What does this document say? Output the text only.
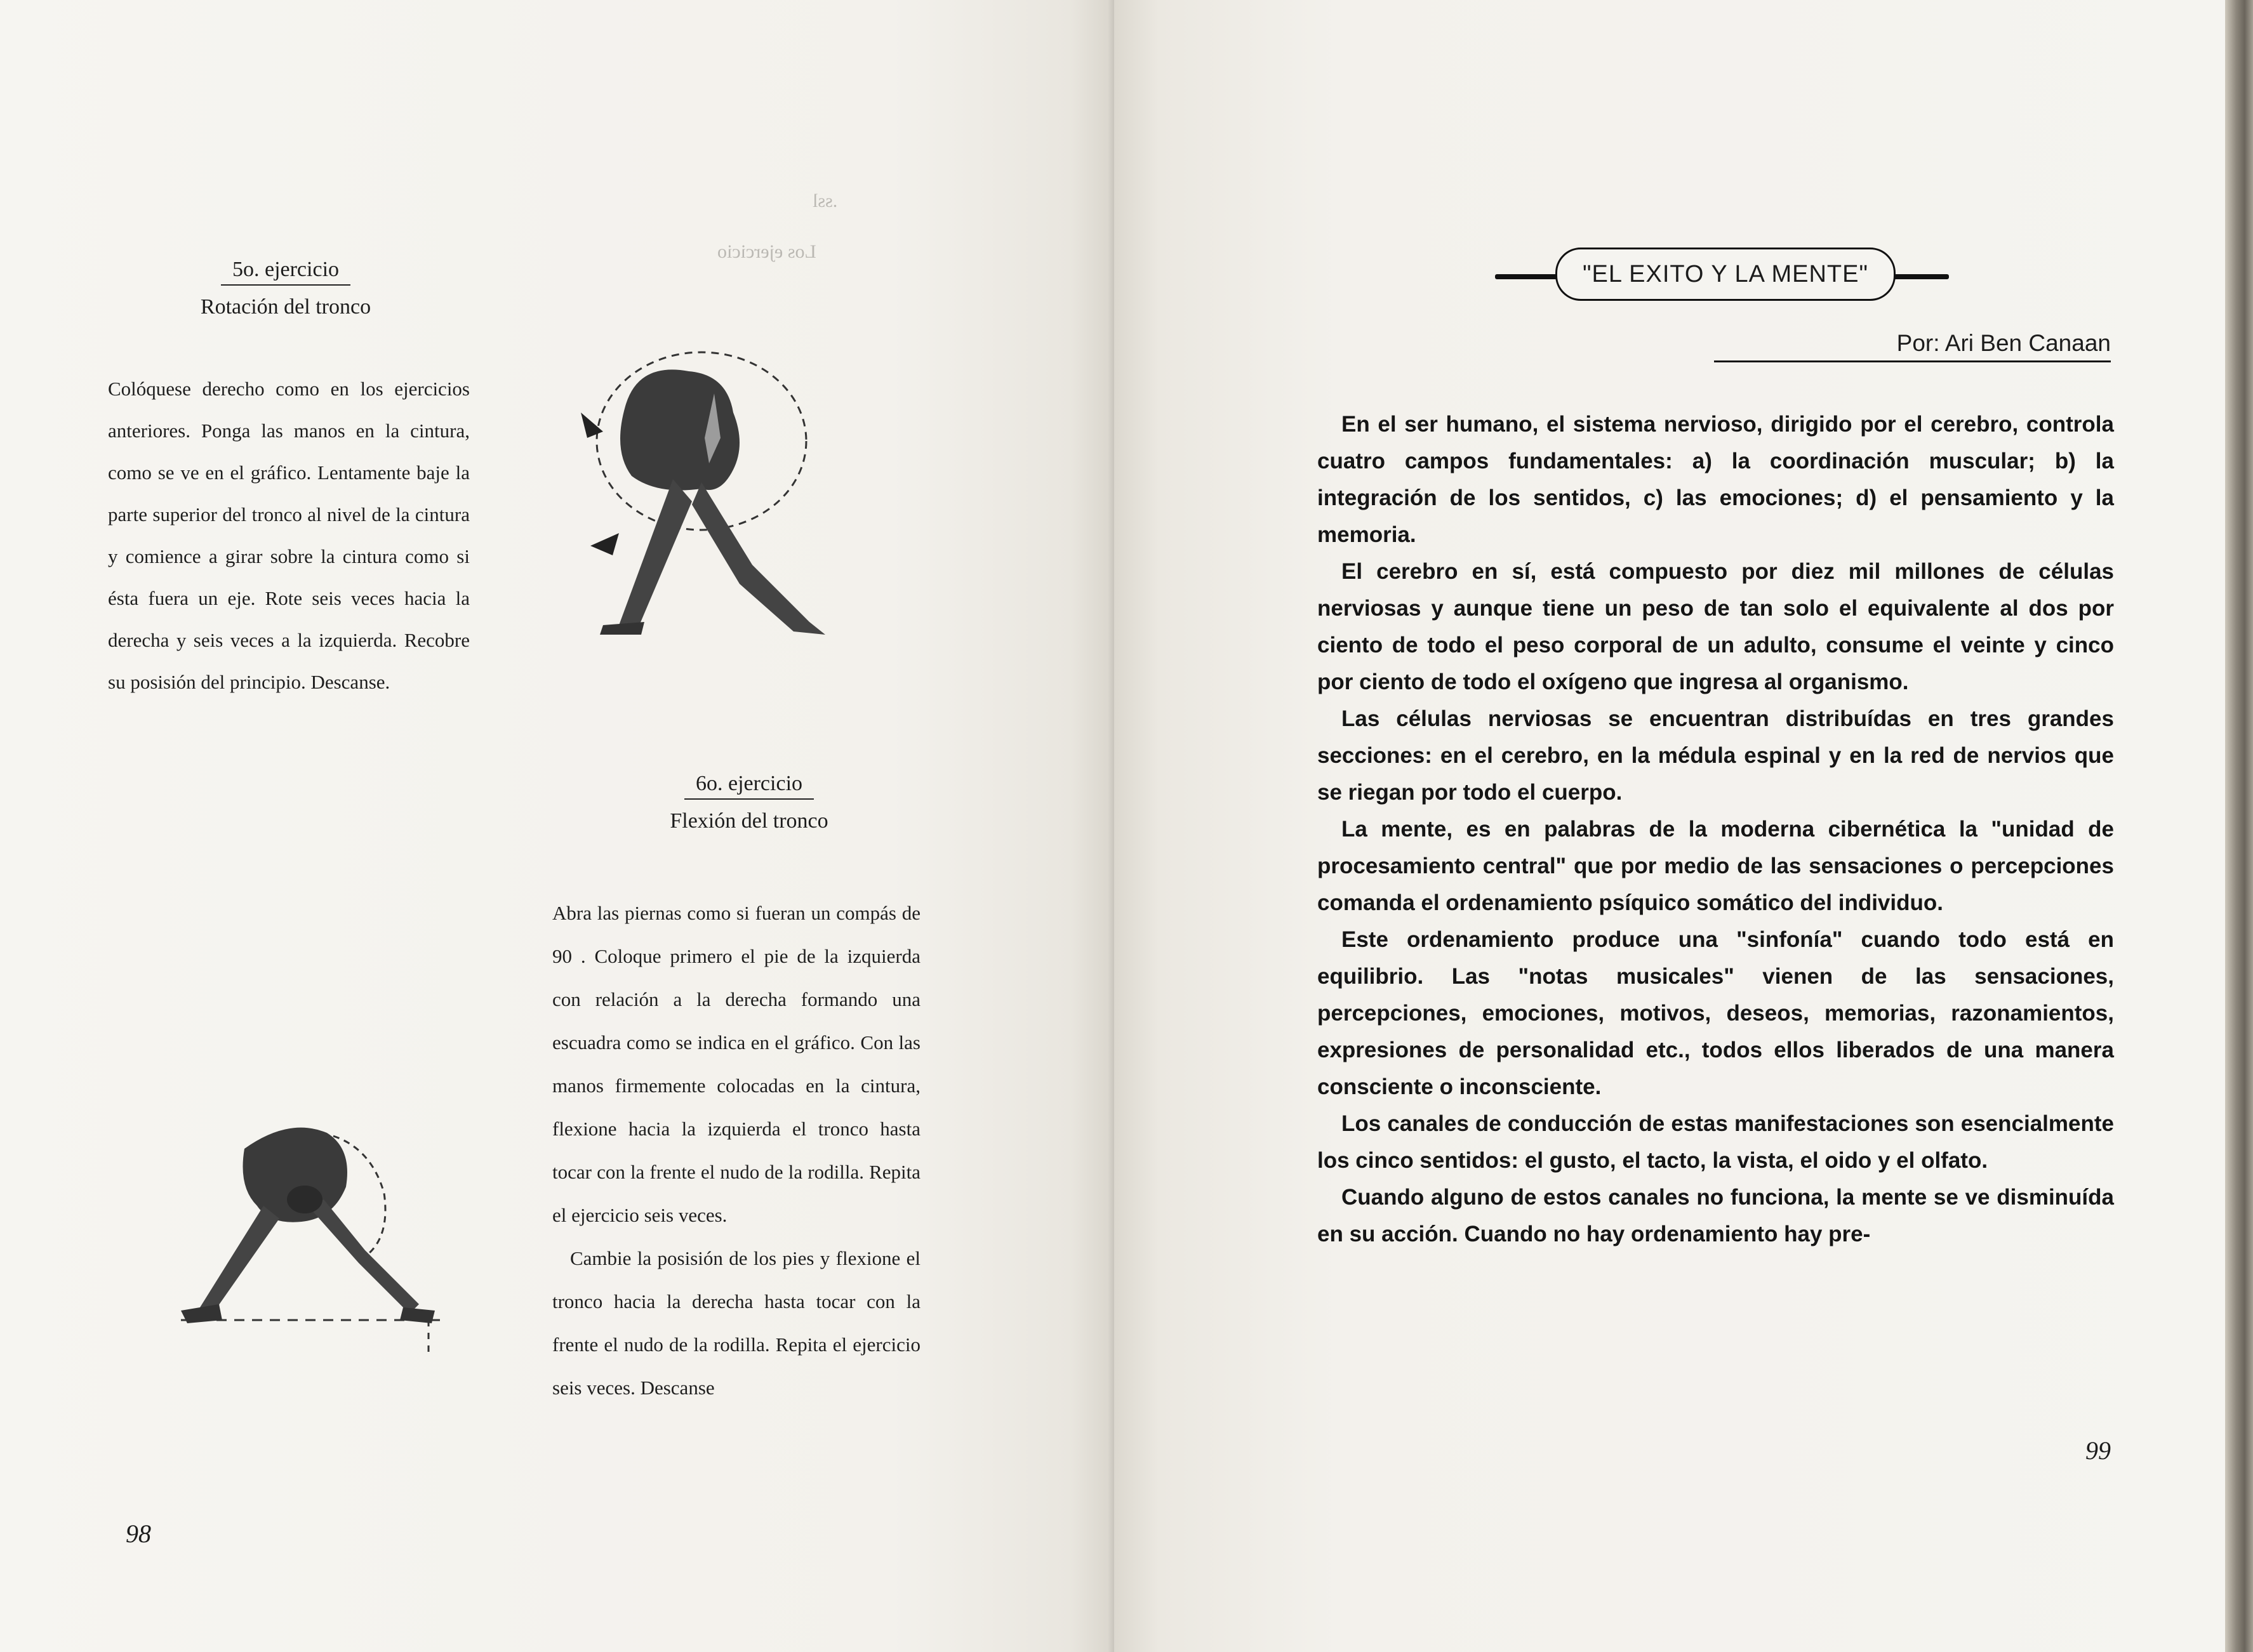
Los ejercicio
.ssl
5o. ejercicio
Rotación del tronco
Colóquese derecho como en los ejercicios anteriores. Ponga las manos en la cintura, como se ve en el gráfico. Lentamente baje la parte superior del tronco al nivel de la cintura y comience a girar sobre la cintura como si ésta fuera un eje. Rote seis veces hacia la derecha y seis veces a la izquierda. Recobre su posisión del principio. Descanse.
6o. ejercicio
Flexión del tronco

Abra las piernas como si fueran un compás de 90 . Coloque primero el pie de la izquierda con relación a la derecha formando una escuadra como se indica en el gráfico. Con las manos firmemente colocadas en la cintura, flexione hacia la izquierda el tronco hasta tocar con la frente el nudo de la rodilla. Repita el ejercicio seis veces.

Cambie la posisión de los pies y flexione el tronco hacia la derecha hasta tocar con la frente el nudo de la rodilla. Repita el ejercicio seis veces. Descanse

98
"EL EXITO Y LA MENTE"
Por: Ari Ben Canaan

En el ser humano, el sistema nervioso, dirigido por el cerebro, controla cuatro campos fundamentales: a) la coordinación muscular; b) la integración de los sentidos, c) las emociones; d) el pensamiento y la memoria.

El cerebro en sí, está compuesto por diez mil millones de células nerviosas y aunque tiene un peso de tan solo el equivalente al dos por ciento de todo el peso corporal de un adulto, consume el veinte y cinco por ciento de todo el oxígeno que ingresa al organismo.

Las células nerviosas se encuentran distribuídas en tres grandes secciones: en el cerebro, en la médula espinal y en la red de nervios que se riegan por todo el cuerpo.

La mente, es en palabras de la moderna cibernética la "unidad de procesamiento central" que por medio de las sensaciones o percepciones comanda el ordenamiento psíquico somático del individuo.

Este ordenamiento produce una "sinfonía" cuando todo está en equilibrio. Las "notas musicales" vienen de las sensaciones, percepciones, emociones, motivos, deseos, memorias, razonamientos, expresiones de personalidad etc., todos ellos liberados de una manera consciente o inconsciente.

Los canales de conducción de estas manifestaciones son esencialmente los cinco sentidos: el gusto, el tacto, la vista, el oido y el olfato.

Cuando alguno de estos canales no funciona, la mente se ve disminuída en su acción. Cuando no hay ordenamiento hay pre-

99
